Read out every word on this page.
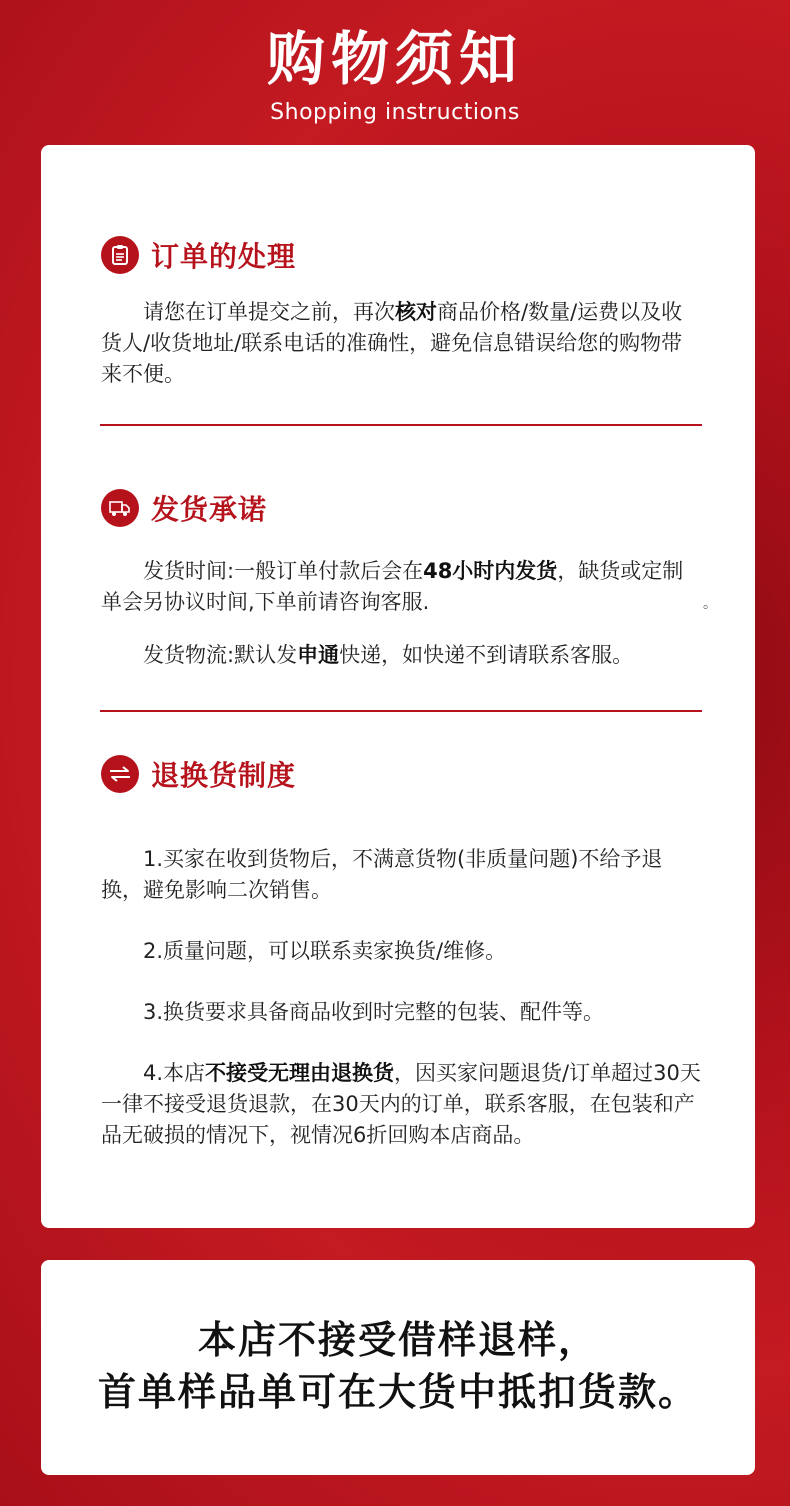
购物须知
Shopping instructions
订单的处理

请您在订单提交之前，再次核对商品价格/数量/运费以及收货人/收货地址/联系电话的准确性，避免信息错误给您的购物带来不便。

发货承诺

发货时间:一般订单付款后会在48小时内发货，缺货或定制单会另协议时间,下单前请咨询客服.

发货物流:默认发申通快递，如快递不到请联系客服。

。
退换货制度

1.买家在收到货物后，不满意货物(非质量问题)不给予退换，避免影响二次销售。

2.质量问题，可以联系卖家换货/维修。

3.换货要求具备商品收到时完整的包装、配件等。

4.本店不接受无理由退换货，因买家问题退货/订单超过30天一律不接受退货退款，在30天内的订单，联系客服，在包装和产品无破损的情况下，视情况6折回购本店商品。

本店不接受借样退样，
首单样品单可在大货中抵扣货款。
